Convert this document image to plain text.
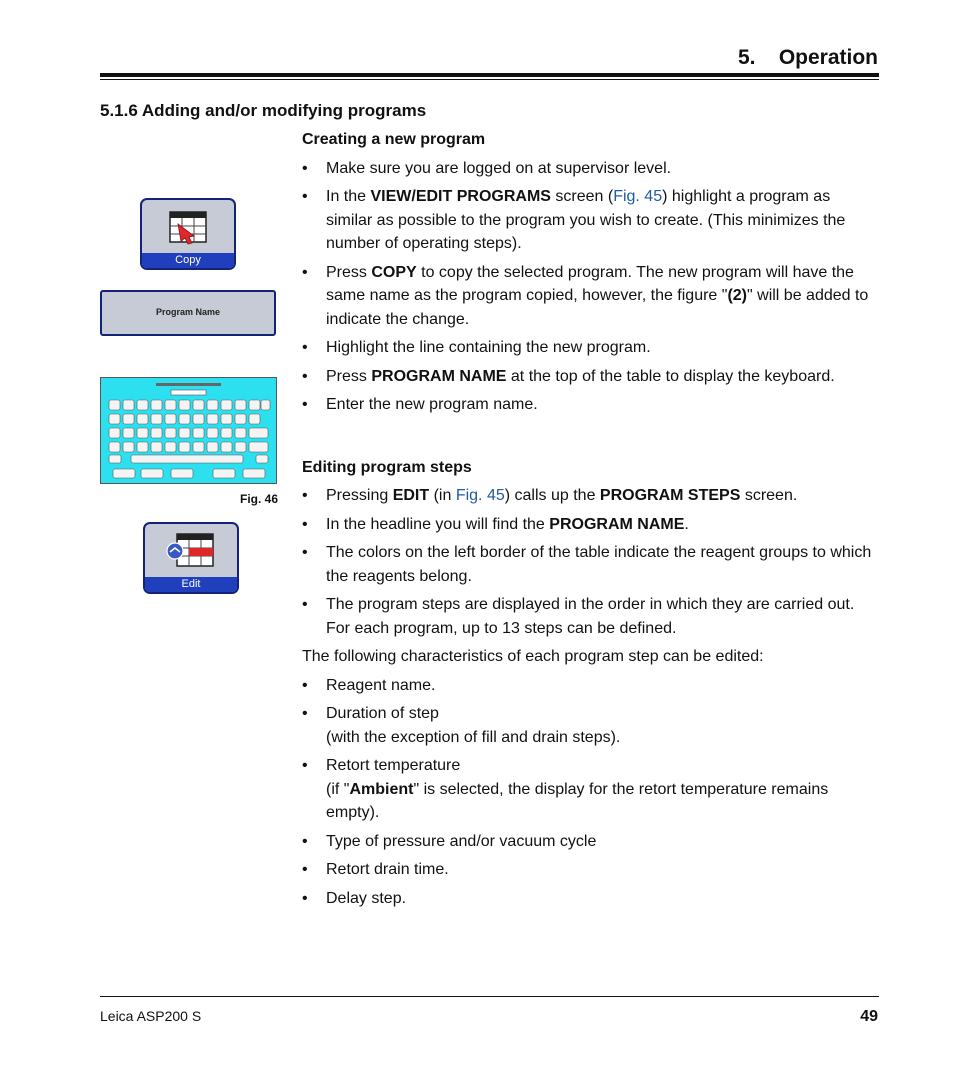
5.    Operation
5.1.6 Adding and/or modifying programs
Copy
Program Name
Fig. 46
Edit
Creating a new program
• Make sure you are logged on at supervisor level.
• In the VIEW/EDIT PROGRAMS screen (Fig. 45) highlight a program as similar as possible to the program you wish to create. (This minimizes the number of operating steps).
• Press COPY to copy the selected program. The new program will have the same name as the program copied, however, the figure "(2)" will be added to indicate the change.
• Highlight the line containing the new program.
• Press PROGRAM NAME at the top of the table to display the keyboard.
• Enter the new program name.
Editing program steps
• Pressing EDIT (in Fig. 45) calls up the PROGRAM STEPS screen.
• In the headline you will find the PROGRAM NAME.
• The colors on the left border of the table indicate the reagent groups to which the reagents belong.
• The program steps are displayed in the order in which they are carried out. For each program, up to 13 steps can be defined.

The following characteristics of each program step can be edited:

• Reagent name.
• Duration of step
(with the exception of fill and drain steps).
• Retort temperature
(if "Ambient" is selected, the display for the retort temperature remains empty).
• Type of pressure and/or vacuum cycle
• Retort drain time.
• Delay step.
Leica ASP200 S	49
